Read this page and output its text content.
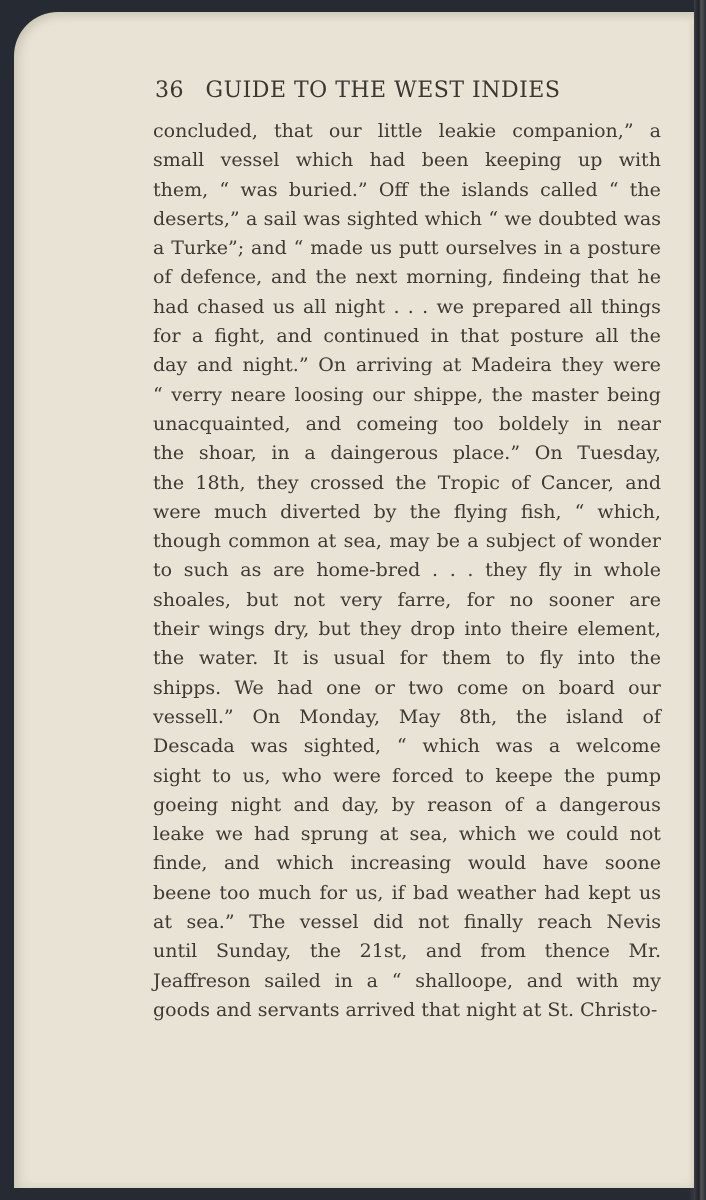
36 GUIDE TO THE WEST INDIES
concluded, that our little leakie companion,” a
small vessel which had been keeping up with
them, “ was buried.” Off the islands called “ the
deserts,” a sail was sighted which “ we doubted was
a Turke”; and “ made us putt ourselves in a posture
of defence, and the next morning, findeing that he
had chased us all night . . . we prepared all things
for a fight, and continued in that posture all the
day and night.” On arriving at Madeira they were
“ verry neare loosing our shippe, the master being
unacquainted, and comeing too boldely in near
the shoar, in a daingerous place.” On Tuesday,
the 18th, they crossed the Tropic of Cancer, and
were much diverted by the flying fish, “ which,
though common at sea, may be a subject of wonder
to such as are home-bred . . . they fly in whole
shoales, but not very farre, for no sooner are
their wings dry, but they drop into theire element,
the water. It is usual for them to fly into the
shipps. We had one or two come on board our
vessell.” On Monday, May 8th, the island of
Descada was sighted, “ which was a welcome
sight to us, who were forced to keepe the pump
goeing night and day, by reason of a dangerous
leake we had sprung at sea, which we could not
finde, and which increasing would have soone
beene too much for us, if bad weather had kept us
at sea.” The vessel did not finally reach Nevis
until Sunday, the 21st, and from thence Mr.
Jeaffreson sailed in a “ shalloope, and with my
goods and servants arrived that night at St. Christo-
